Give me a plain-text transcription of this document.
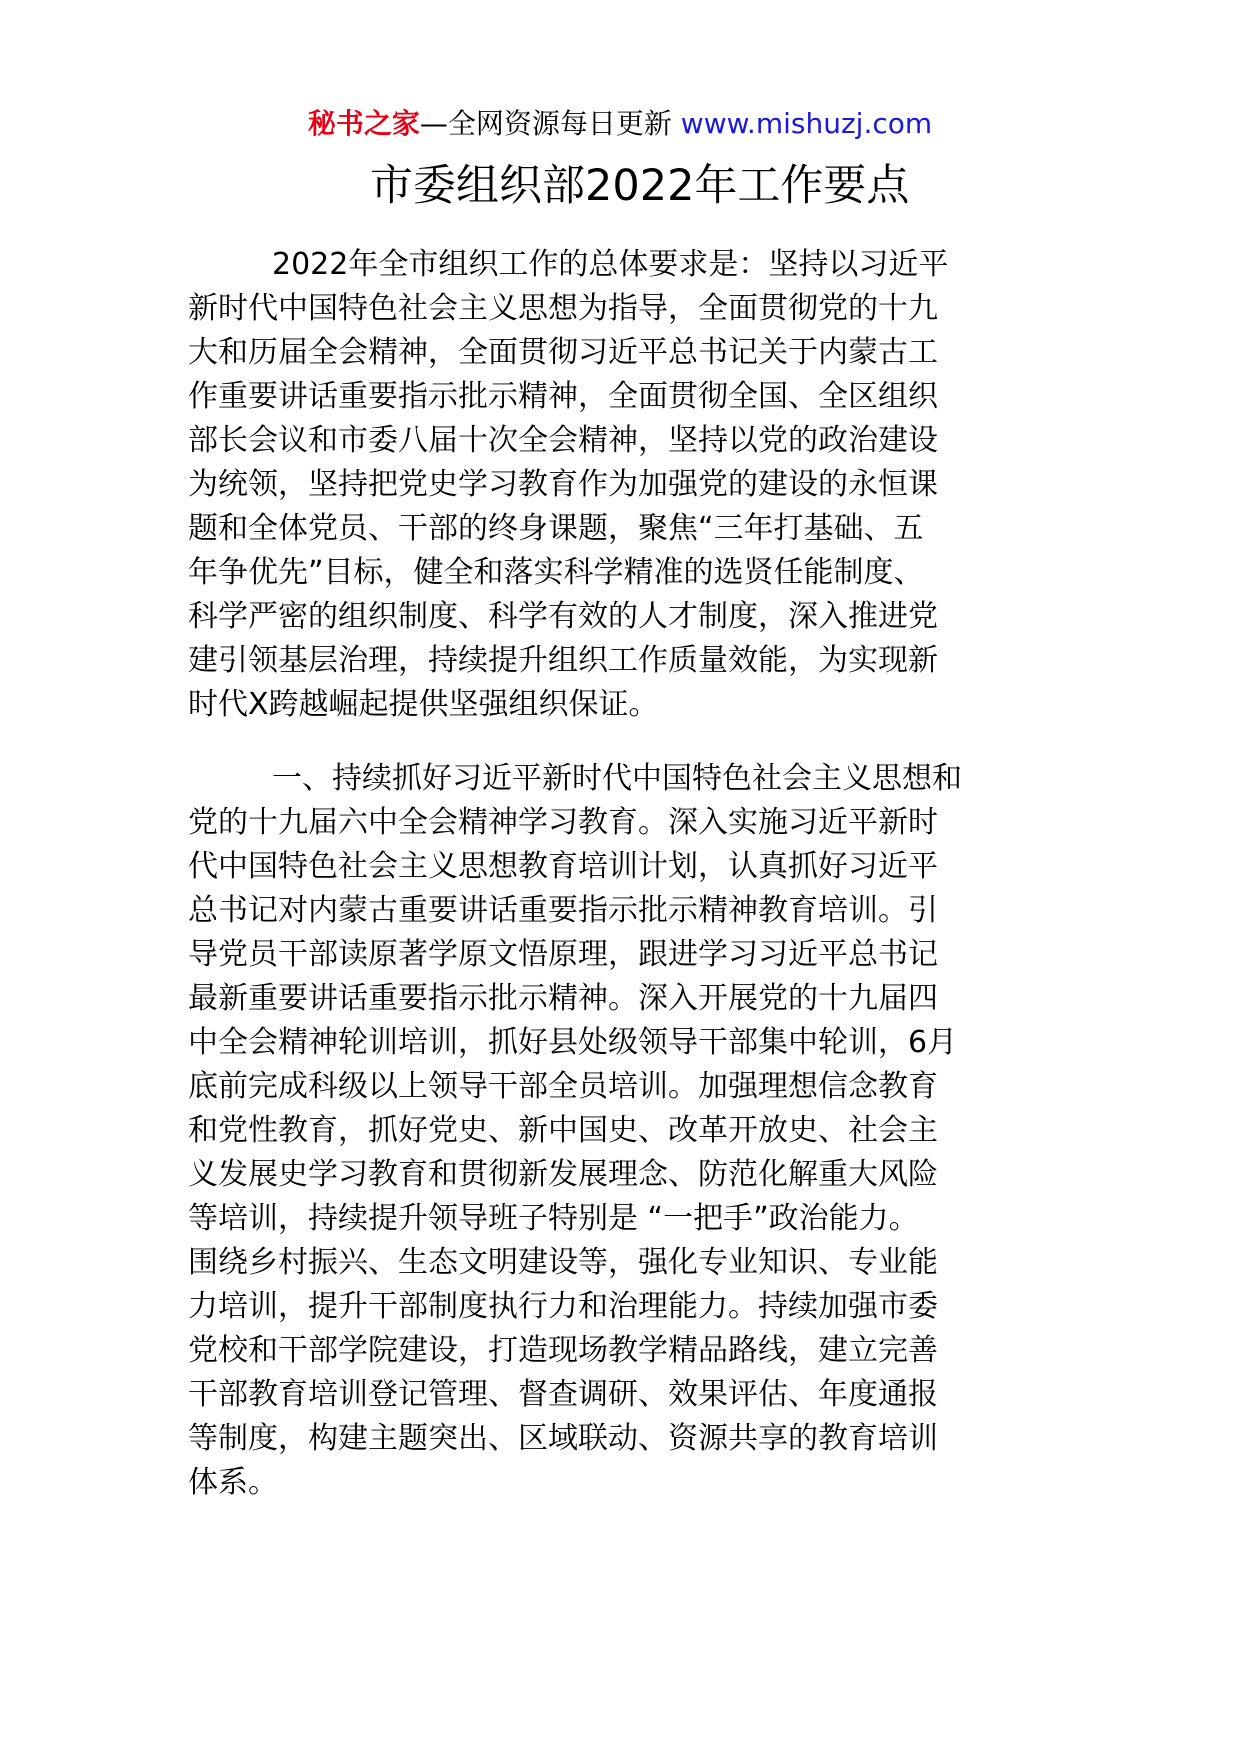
秘书之家—全网资源每日更新 www.mishuzj.com
市委组织部2022年工作要点
2022年全市组织工作的总体要求是：坚持以习近平
新时代中国特色社会主义思想为指导，全面贯彻党的十九
大和历届全会精神，全面贯彻习近平总书记关于内蒙古工
作重要讲话重要指示批示精神，全面贯彻全国、全区组织
部长会议和市委八届十次全会精神，坚持以党的政治建设
为统领，坚持把党史学习教育作为加强党的建设的永恒课
题和全体党员、干部的终身课题，聚焦“三年打基础、五
年争优先”目标，健全和落实科学精准的选贤任能制度、
科学严密的组织制度、科学有效的人才制度，深入推进党
建引领基层治理，持续提升组织工作质量效能，为实现新
时代X跨越崛起提供坚强组织保证。
一、持续抓好习近平新时代中国特色社会主义思想和
党的十九届六中全会精神学习教育。深入实施习近平新时
代中国特色社会主义思想教育培训计划，认真抓好习近平
总书记对内蒙古重要讲话重要指示批示精神教育培训。引
导党员干部读原著学原文悟原理，跟进学习习近平总书记
最新重要讲话重要指示批示精神。深入开展党的十九届四
中全会精神轮训培训，抓好县处级领导干部集中轮训，6月
底前完成科级以上领导干部全员培训。加强理想信念教育
和党性教育，抓好党史、新中国史、改革开放史、社会主
义发展史学习教育和贯彻新发展理念、防范化解重大风险
等培训，持续提升领导班子特别是 “一把手”政治能力。
围绕乡村振兴、生态文明建设等，强化专业知识、专业能
力培训，提升干部制度执行力和治理能力。持续加强市委
党校和干部学院建设，打造现场教学精品路线，建立完善
干部教育培训登记管理、督查调研、效果评估、年度通报
等制度，构建主题突出、区域联动、资源共享的教育培训
体系。
